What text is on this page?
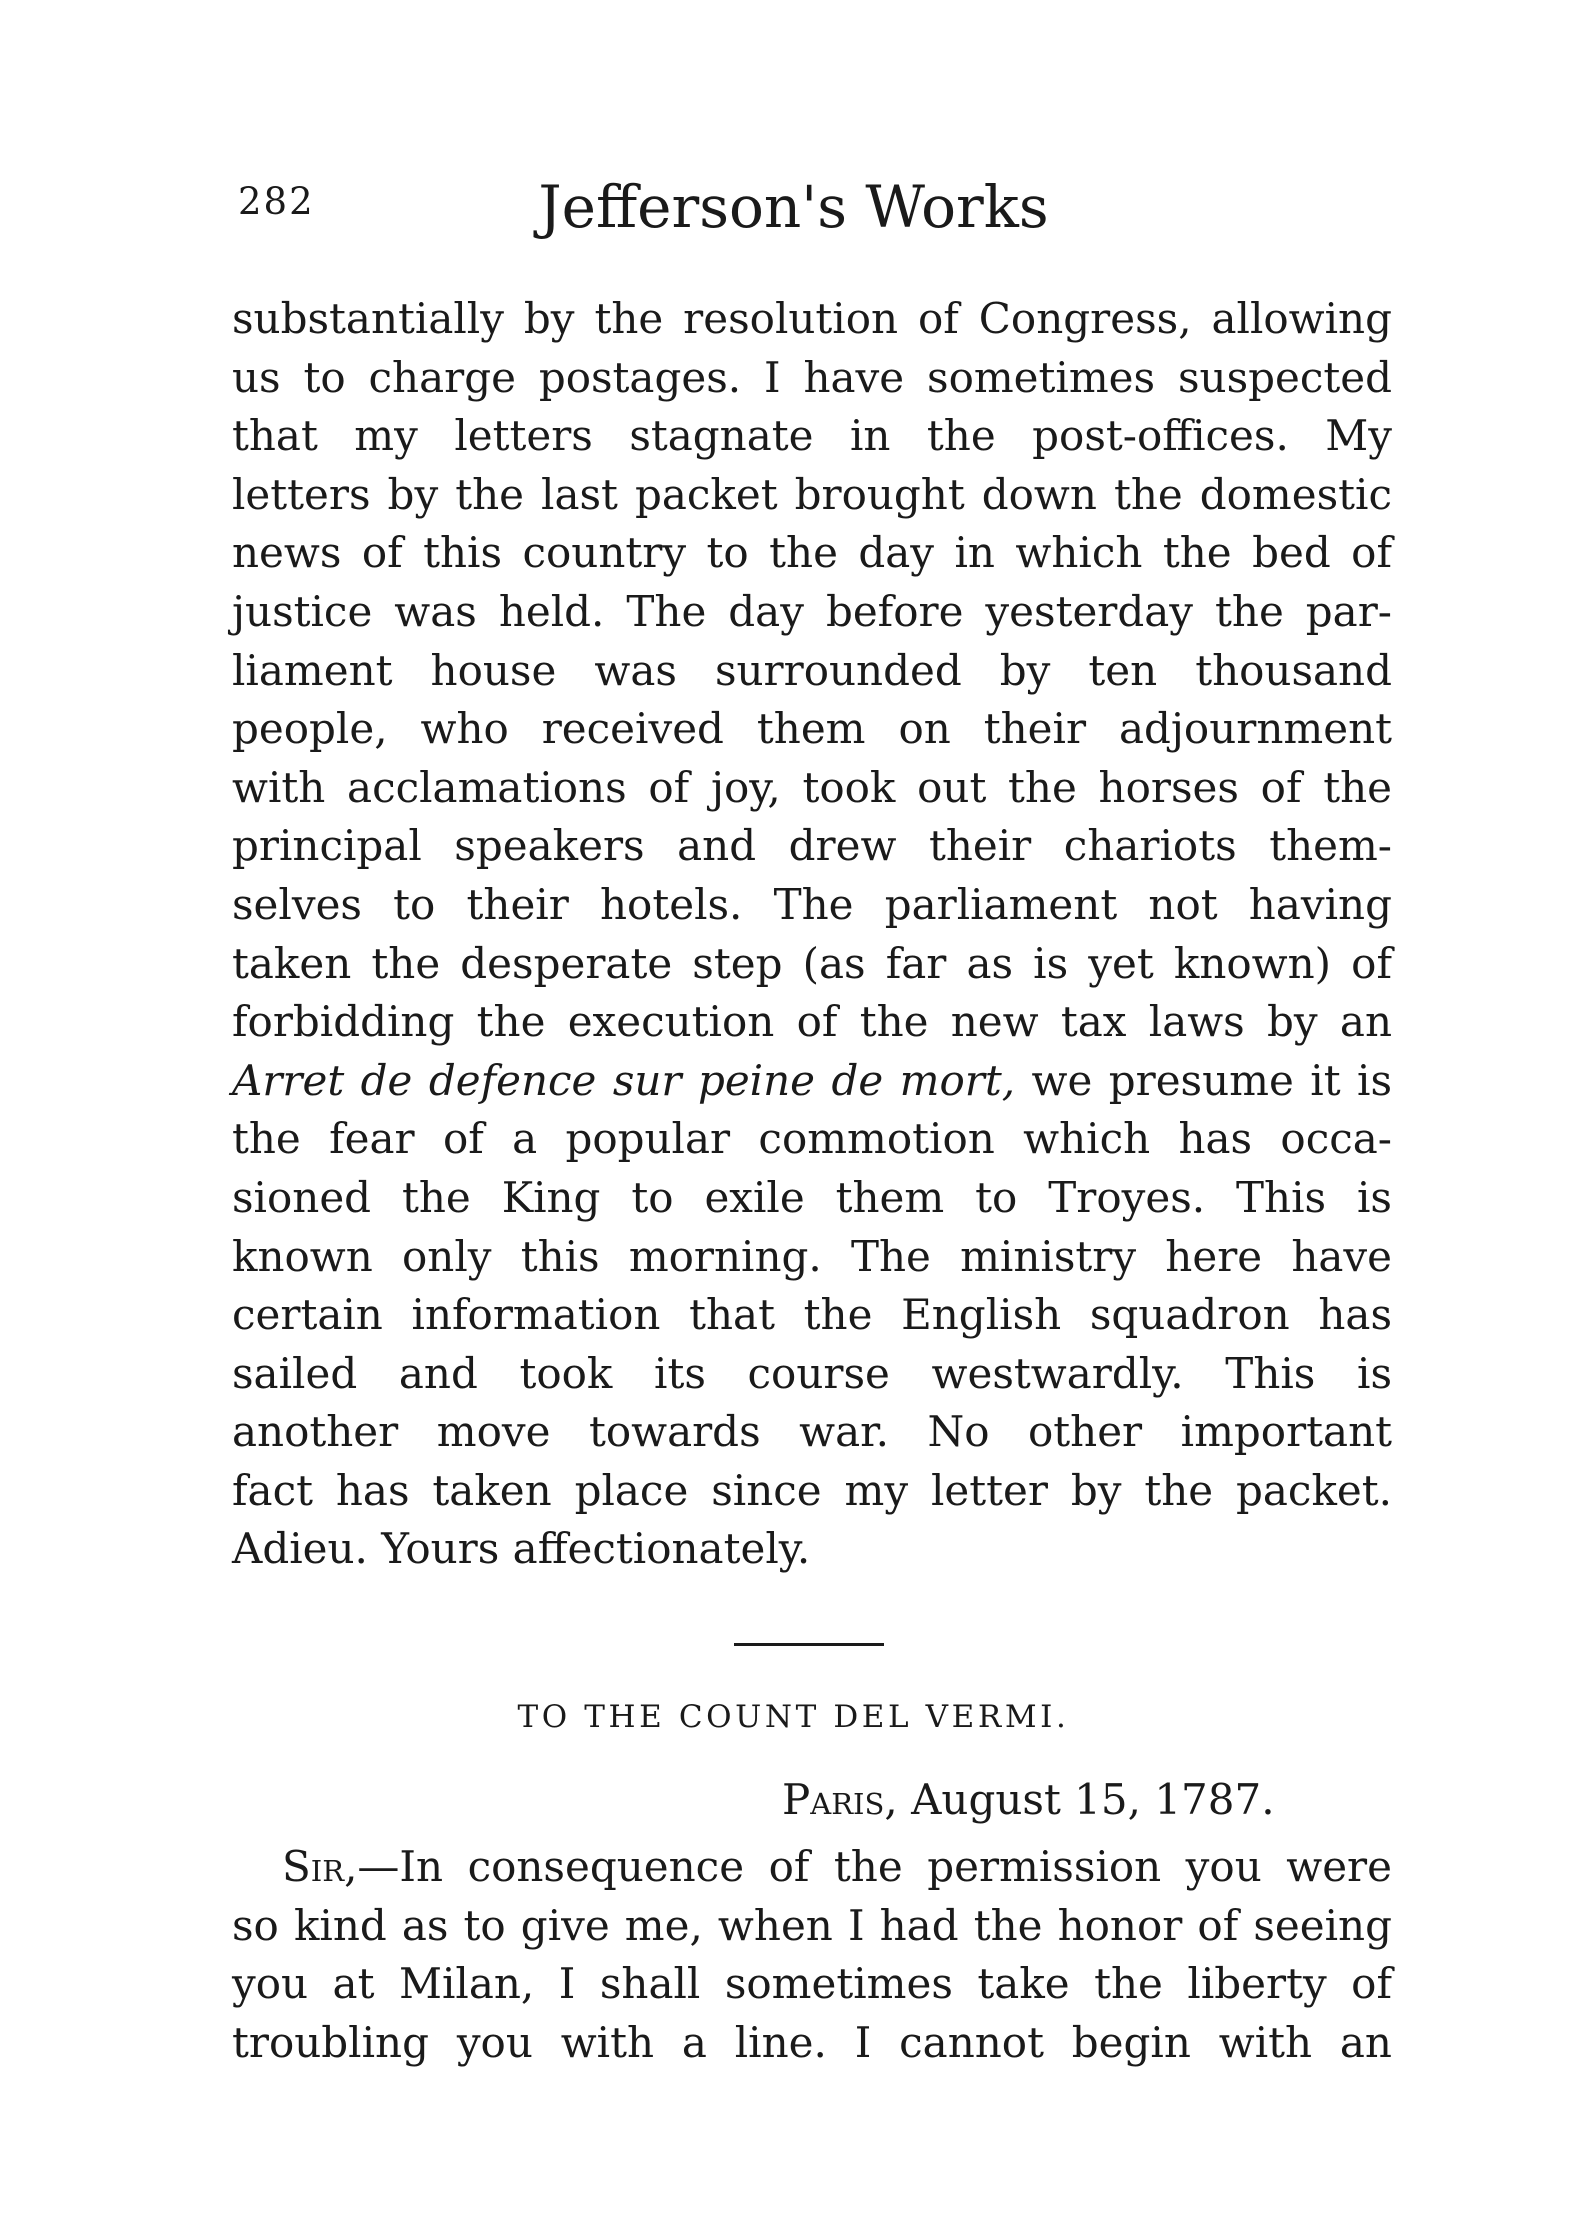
282	Jefferson's Works
substantially by the resolution of Congress, allowing
us to charge postages. I have sometimes suspected
that my letters stagnate in the post-offices. My
letters by the last packet brought down the domestic
news of this country to the day in which the bed of
justice was held. The day before yesterday the par-
liament house was surrounded by ten thousand
people, who received them on their adjournment
with acclamations of joy, took out the horses of the
principal speakers and drew their chariots them-
selves to their hotels. The parliament not having
taken the desperate step (as far as is yet known) of
forbidding the execution of the new tax laws by an
Arret de defence sur peine de mort, we presume it is
the fear of a popular commotion which has occa-
sioned the King to exile them to Troyes. This is
known only this morning. The ministry here have
certain information that the English squadron has
sailed and took its course westwardly. This is
another move towards war. No other important
fact has taken place since my letter by the packet.
Adieu. Yours affectionately.
TO THE COUNT DEL VERMI.
Paris, August 15, 1787.
Sir,—In consequence of the permission you were
so kind as to give me, when I had the honor of seeing
you at Milan, I shall sometimes take the liberty of
troubling you with a line. I cannot begin with an
